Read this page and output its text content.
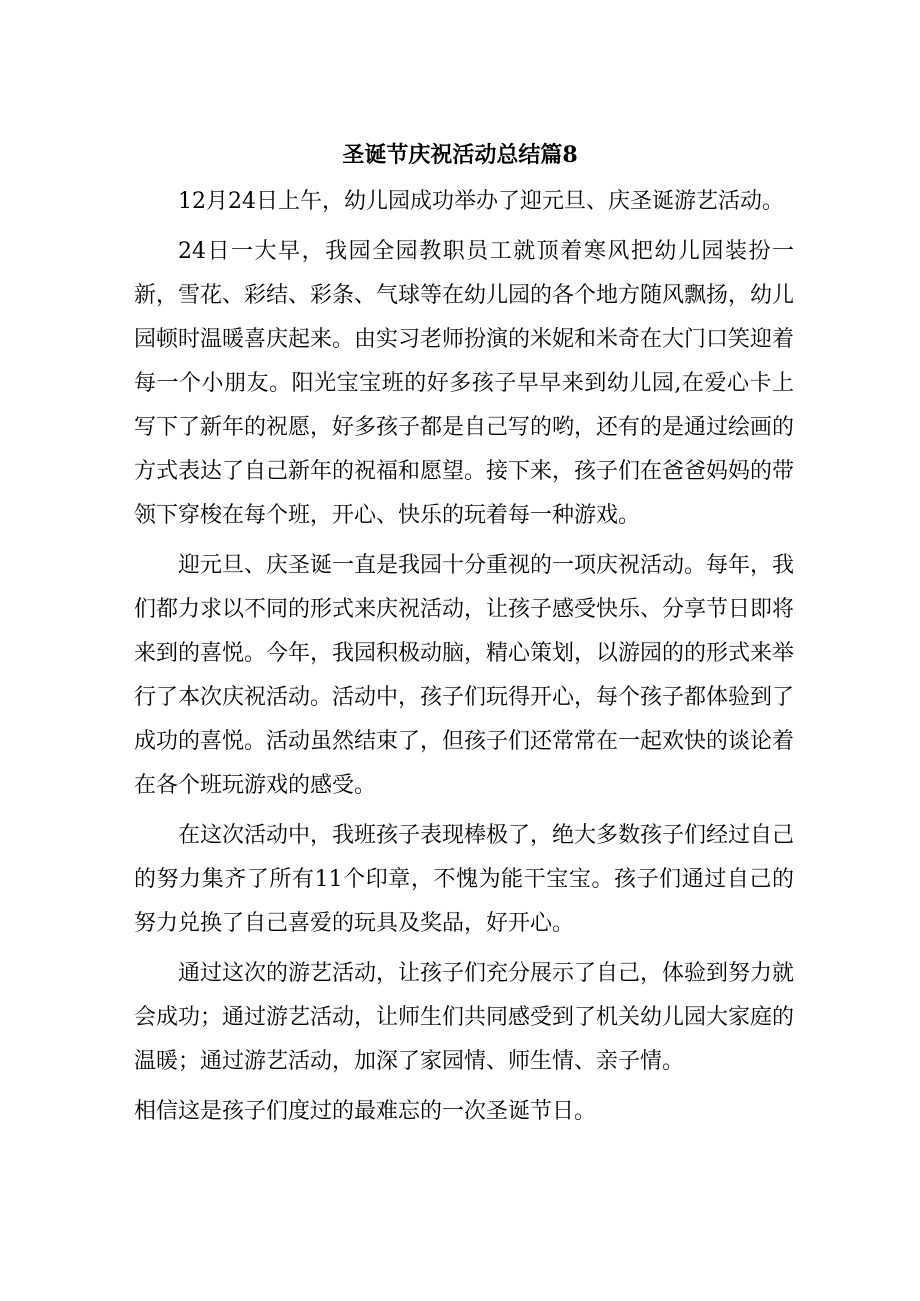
圣诞节庆祝活动总结篇8

12月24日上午，幼儿园成功举办了迎元旦、庆圣诞游艺活动。

24日一大早，我园全园教职员工就顶着寒风把幼儿园装扮一新，雪花、彩结、彩条、气球等在幼儿园的各个地方随风飘扬，幼儿园顿时温暖喜庆起来。由实习老师扮演的米妮和米奇在大门口笑迎着每一个小朋友。阳光宝宝班的好多孩子早早来到幼儿园,在爱心卡上写下了新年的祝愿，好多孩子都是自己写的哟，还有的是通过绘画的方式表达了自己新年的祝福和愿望。接下来，孩子们在爸爸妈妈的带领下穿梭在每个班，开心、快乐的玩着每一种游戏。

迎元旦、庆圣诞一直是我园十分重视的一项庆祝活动。每年，我们都力求以不同的形式来庆祝活动，让孩子感受快乐、分享节日即将来到的喜悦。今年，我园积极动脑，精心策划，以游园的的形式来举行了本次庆祝活动。活动中，孩子们玩得开心，每个孩子都体验到了成功的喜悦。活动虽然结束了，但孩子们还常常在一起欢快的谈论着在各个班玩游戏的感受。

在这次活动中，我班孩子表现棒极了，绝大多数孩子们经过自己的努力集齐了所有11个印章，不愧为能干宝宝。孩子们通过自己的努力兑换了自己喜爱的玩具及奖品，好开心。

通过这次的游艺活动，让孩子们充分展示了自己，体验到努力就会成功；通过游艺活动，让师生们共同感受到了机关幼儿园大家庭的温暖；通过游艺活动，加深了家园情、师生情、亲子情。

相信这是孩子们度过的最难忘的一次圣诞节日。
